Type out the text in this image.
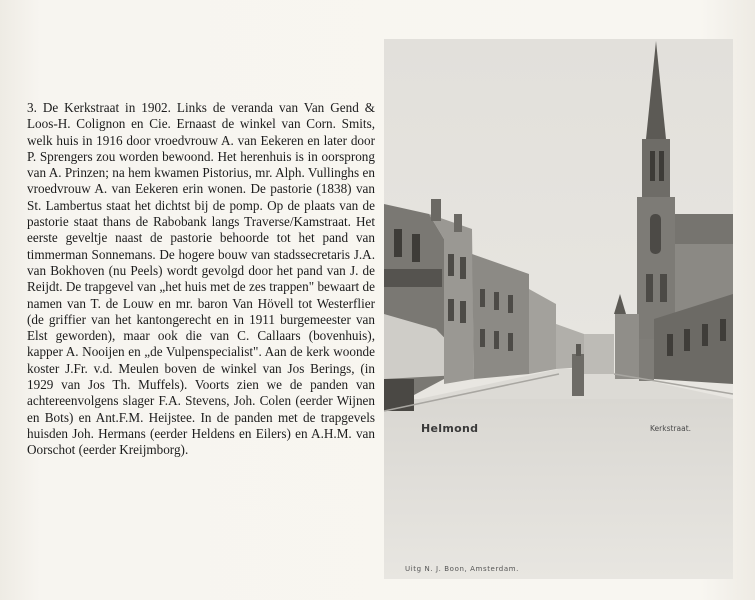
3. De Kerkstraat in 1902. Links de veranda van Van Gend & Loos-H. Colignon en Cie. Ernaast de winkel van Corn. Smits, welk huis in 1916 door vroedvrouw A. van Eekeren en later door P. Sprengers zou worden bewoond. Het herenhuis is in oorsprong van A. Prinzen; na hem kwamen Pistorius, mr. Alph. Vullinghs en vroedvrouw A. van Eekeren erin wonen. De pastorie (1838) van St. Lambertus staat het dichtst bij de pomp. Op de plaats van de pastorie staat thans de Rabobank langs Traverse/Kamstraat. Het eerste geveltje naast de pastorie behoorde tot het pand van timmerman Sonnemans. De hogere bouw van stadssecretaris J.A. van Bokhoven (nu Peels) wordt gevolgd door het pand van J. de Reijdt. De trapgevel van „het huis met de zes trappen" bewaart de namen van T. de Louw en mr. baron Van Hövell tot Westerflier (de griffier van het kantongerecht en in 1911 burgemeester van Elst geworden), maar ook die van C. Callaars (bovenhuis), kapper A. Nooijen en „de Vulpenspecialist". Aan de kerk woonde koster J.Fr. v.d. Meulen boven de winkel van Jos Berings, (in 1929 van Jos Th. Muffels). Voorts zien we de panden van achtereenvolgens slager F.A. Stevens, Joh. Colen (eerder Wijnen en Bots) en Ant.F.M. Heijstee. In de panden met de trapgevels huisden Joh. Hermans (eerder Heldens en Eilers) en A.H.M. van Oorschot (eerder Kreijmborg).
Helmond	Kerkstraat.
Uitg N. J. Boon, Amsterdam.
